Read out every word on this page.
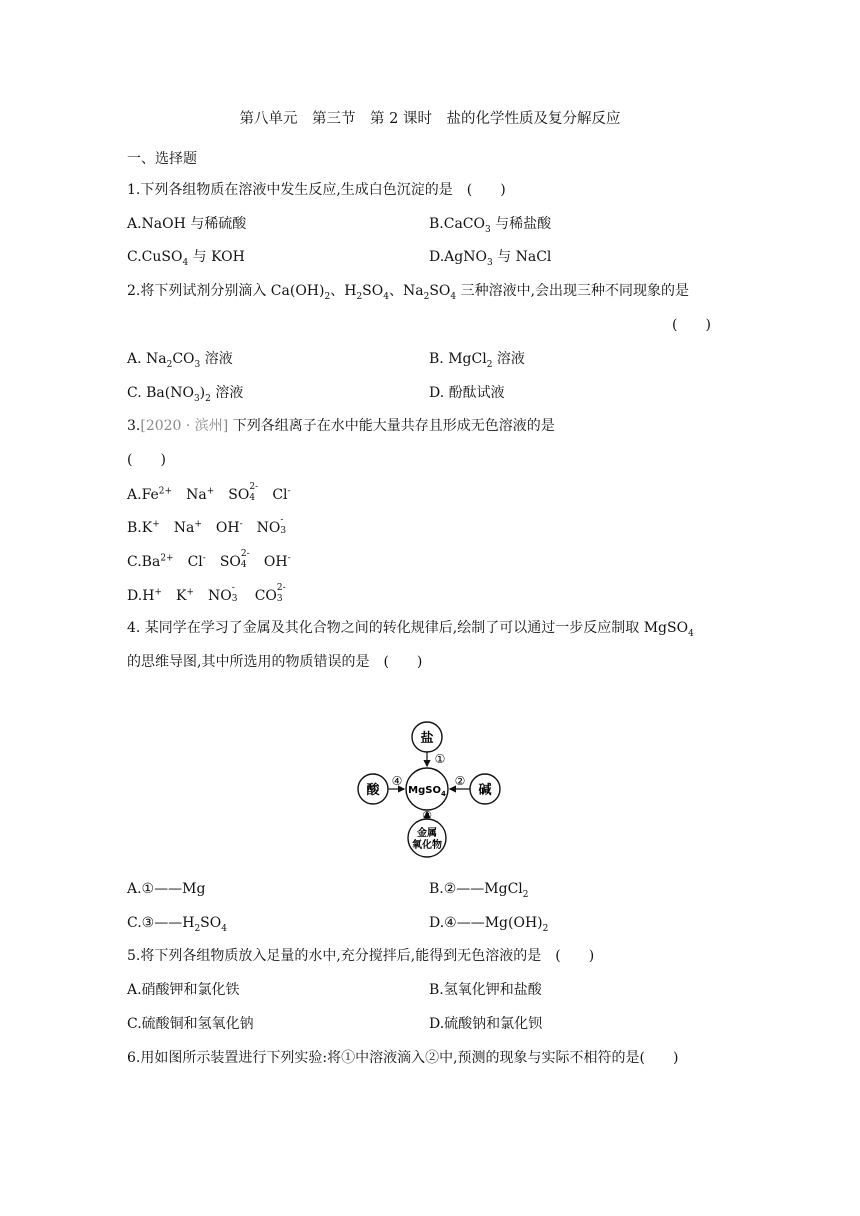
第八单元　第三节　第 2 课时　盐的化学性质及复分解反应
一、选择题
1.下列各组物质在溶液中发生反应,生成白色沉淀的是　(　　)
A.NaOH 与稀硫酸	B.CaCO$_3$ 与稀盐酸
C.CuSO$_4$ 与 KOH	D.AgNO$_3$ 与 NaCl
2.将下列试剂分别滴入 $Ca(OH)_2$、$H_2SO_4$、$Na_2SO_4$ 三种溶液中,会出现三种不同现象的是
(　　)
A. $Na_2CO_3$ 溶液	B. MgCl$_2$ 溶液
C. $Ba(NO_3)_2$ 溶液	D. 酚酞试液
3.[2020 · 滨州] 下列各组离子在水中能大量共存且形成无色溶液的是
(　　)
$A.Fe^{2+}$ Na+ SO 2-
4 Cl-
B.K+ Na+ OH- NO -
3
$C.Ba^{2+}$ Cl- SO 2-
4 OH-
D.H+ K+ NO -
3 CO 2-
3
4. 某同学在学习了金属及其化合物之间的转化规律后,绘制了可以通过一步反应制取 MgSO$_4$
的思维导图,其中所选用的物质错误的是　(　　)
MgSO$_4$
盐
碱
酸
金属
氧化物
①
②
③
④
A.①——Mg	B.②——MgCl$_2$
$C.③——H_2SO_4$	$D.④——Mg(OH)_2$
5.将下列各组物质放入足量的水中,充分搅拌后,能得到无色溶液的是　(　　)
A.硝酸钾和氯化铁	B.氢氧化钾和盐酸
C.硫酸铜和氢氧化钠	D.硫酸钠和氯化钡
6.用如图所示装置进行下列实验:将①中溶液滴入②中,预测的现象与实际不相符的是(　　)
